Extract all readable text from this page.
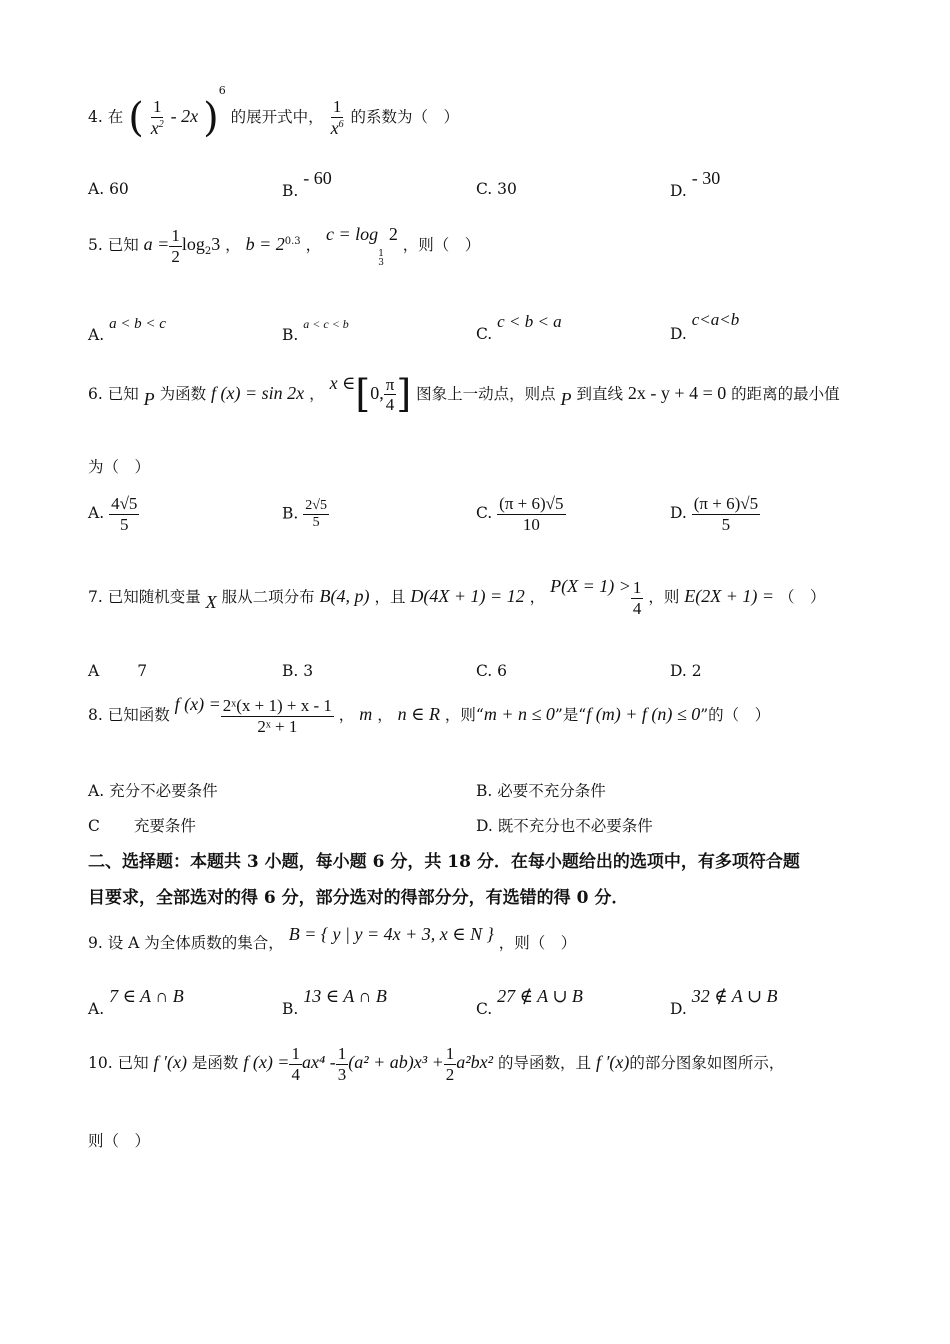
4. 在 ( $\frac{1}{x^2} - 2x$ )$^6$ 的展开式中， $\frac{1}{x^6}$ 的系数为（　）
A. 60	B. - 60
C. 30	D. - 30
5. 已知 $a = \frac{1}{2} \log_23$ ， $b = 2^{0.3}$ ， c = log
1
3
2 ，则（　）
A. a < b < c
B. a < c < b
C. c < b < a
D. c<a<b
6. 已知 P 为函数 f (x) = sin 2x ， x ∈[0, $\frac{\pi}{4}$ ] 图象上一动点，则点 P 到直线 2x - y + 4 = 0 的距离的最小值
为（　）
A. $\frac{4√5}{5}$	B. $\frac{2√5}{5}$	C. $\frac{(\pi + 6)√5}{10}$	D. $\frac{(\pi + 6)√5}{5}$
7. 已知随机变量 X 服从二项分布 B(4, p) ，且 D(4X + 1) = 12 ， $P(X = 1) > \frac{1}{4}$ ，则 E(2X + 1) = （　）
A 7	B. 3	C. 6	D. 2
8. 已知函数 f $(x) = \frac{\text{2ˣ(x + 1) + x - 1}}{\text{2ˣ + 1}}$ ， m ， n ∈ R ，则“m + n ≤ 0”是“f (m) + f (n) ≤ 0”的（　）
A. 充分不必要条件	B. 必要不充分条件
C 充要条件	D. 既不充分也不必要条件
二、选择题：本题共 3 小题，每小题 6 分，共 18 分．在每小题给出的选项中，有多项符合题
目要求，全部选对的得 6 分，部分选对的得部分分，有选错的得 0 分．
9. 设 A 为全体质数的集合， B = { y | y = 4x + 3, x ∈ N } ，则（　）
A. 7 ∈ A ∩ B
B. 13 ∈ A ∩ B
C. 27 ∉ A ∪ B
D. 32 ∉ A ∪ B
10. 已知 f ′(x) 是函数 f $(x) = \frac{1}{4} ax^4 - \frac{1}{3} (a^2 + ab)x^3 + \frac{1}{2} a^2bx^2$ 的导函数，且 f ′(x)的部分图象如图所示，
则（　）
